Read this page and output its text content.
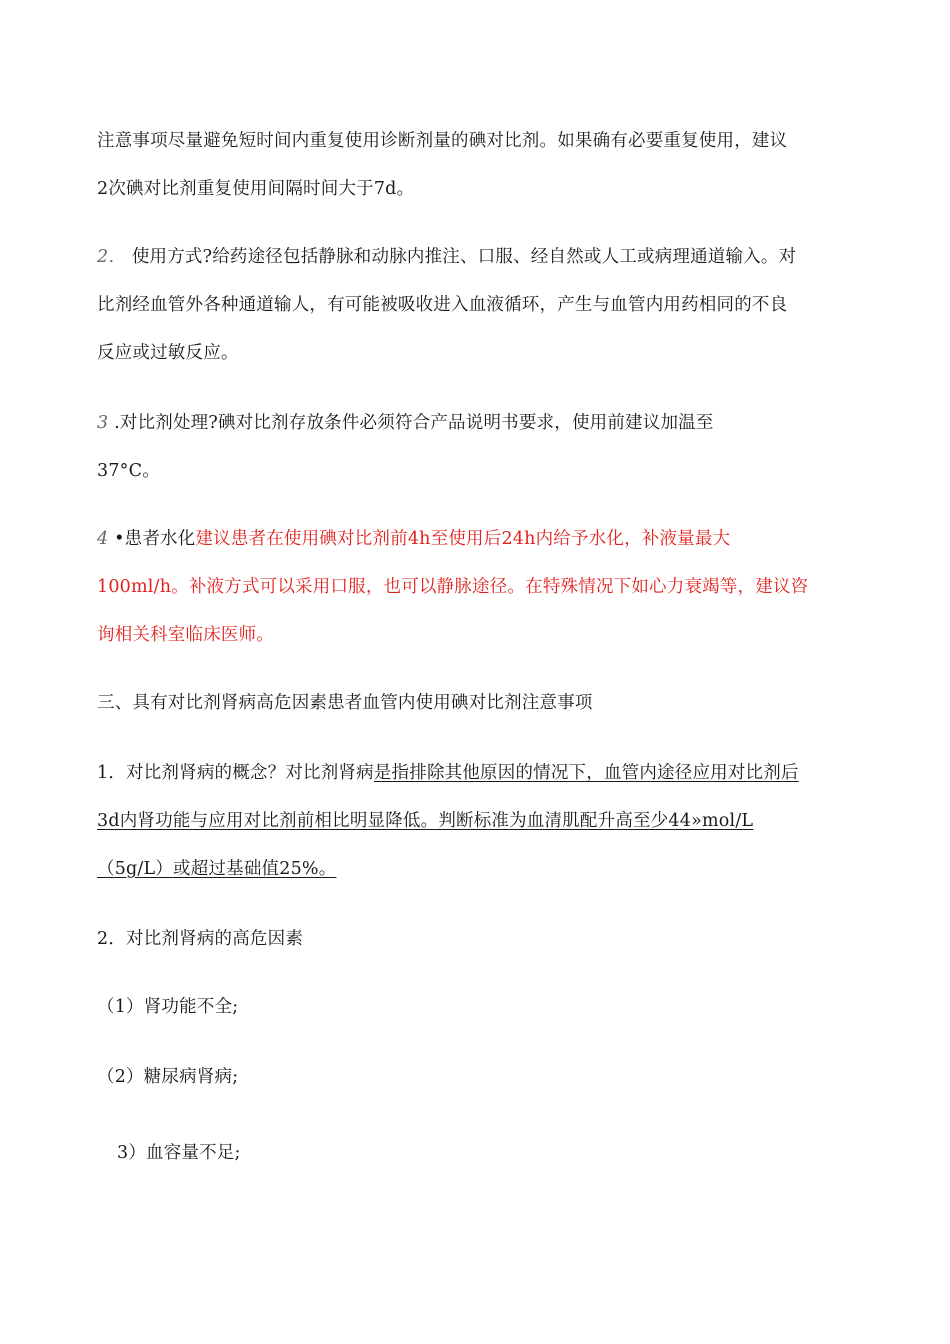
注意事项尽量避免短时间内重复使用诊断剂量的碘对比剂。如果确有必要重复使用，建议
2次碘对比剂重复使用间隔时间大于7d。
2． 使用方式?给药途径包括静脉和动脉内推注、口服、经自然或人工或病理通道输入。对
比剂经血管外各种通道输人，有可能被吸收进入血液循环，产生与血管内用药相同的不良
反应或过敏反应。
3 .对比剂处理?碘对比剂存放条件必须符合产品说明书要求，使用前建议加温至
37°C。
4 •患者水化建议患者在使用碘对比剂前4h至使用后24h内给予水化，补液量最大
100ml/h。补液方式可以采用口服，也可以静脉途径。在特殊情况下如心力衰竭等，建议咨
询相关科室临床医师。
三、具有对比剂肾病高危因素患者血管内使用碘对比剂注意事项
1．对比剂肾病的概念？对比剂肾病是指排除其他原因的情况下，血管内途径应用对比剂后
3d内肾功能与应用对比剂前相比明显降低。判断标准为血清肌配升高至少44»mol/L
（5g/L）或超过基础值25%。
2．对比剂肾病的高危因素
（1）肾功能不全;
（2）糖尿病肾病;
3）血容量不足;
